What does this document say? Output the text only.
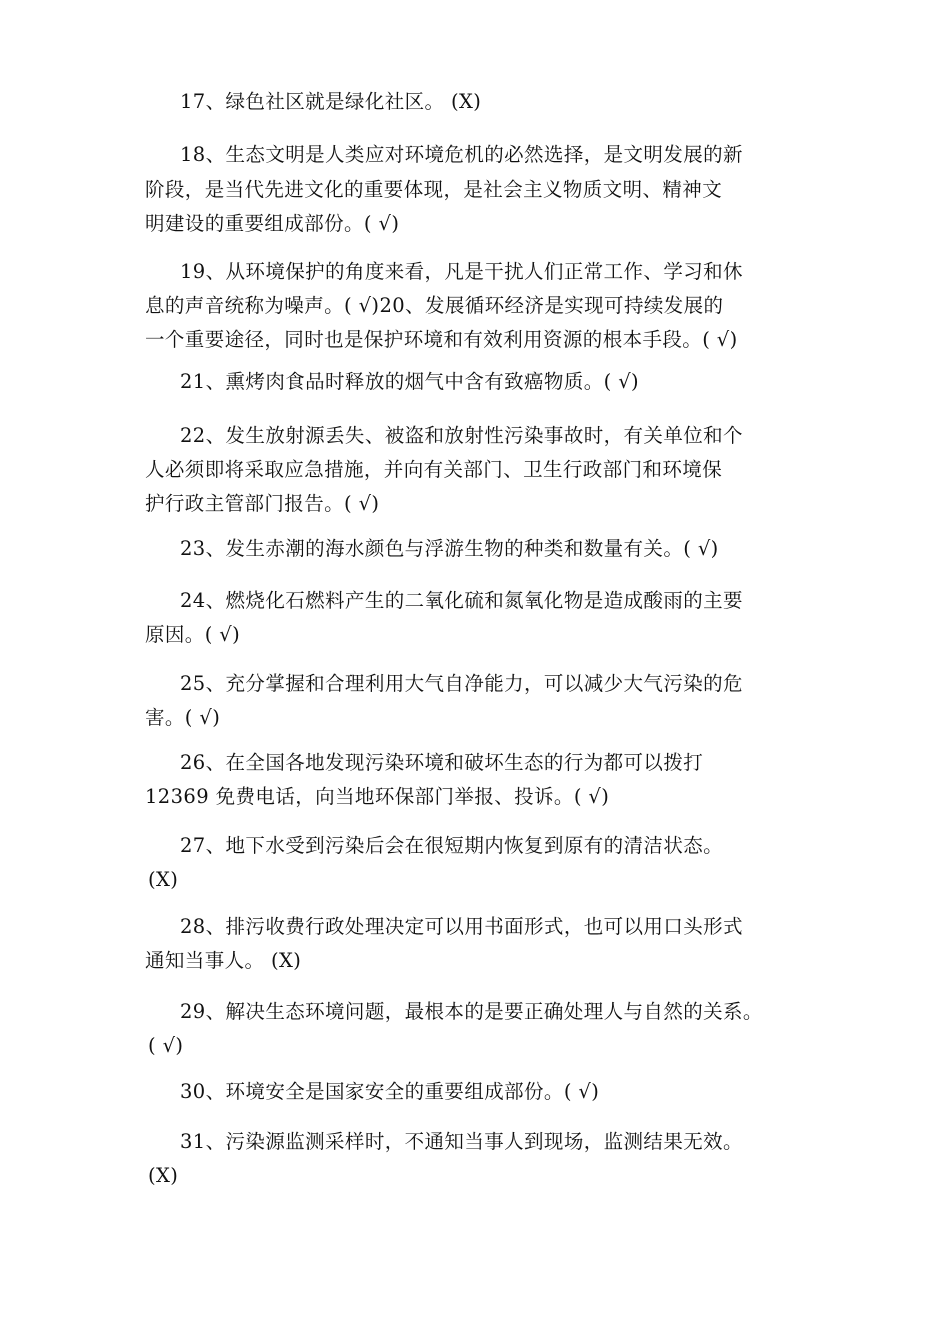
17、绿色社区就是绿化社区。 (X)
18、生态文明是人类应对环境危机的必然选择，是文明发展的新
阶段，是当代先进文化的重要体现，是社会主义物质文明、精神文
明建设的重要组成部份。( √)
19、从环境保护的角度来看，凡是干扰人们正常工作、学习和休
息的声音统称为噪声。( √)20、发展循环经济是实现可持续发展的
一个重要途径，同时也是保护环境和有效利用资源的根本手段。( √)
21、熏烤肉食品时释放的烟气中含有致癌物质。( √)
22、发生放射源丢失、被盗和放射性污染事故时，有关单位和个
人必须即将采取应急措施，并向有关部门、卫生行政部门和环境保
护行政主管部门报告。( √)
23、发生赤潮的海水颜色与浮游生物的种类和数量有关。( √)
24、燃烧化石燃料产生的二氧化硫和氮氧化物是造成酸雨的主要
原因。( √)
25、充分掌握和合理利用大气自净能力，可以减少大气污染的危
害。( √)
26、在全国各地发现污染环境和破坏生态的行为都可以拨打
12369 免费电话，向当地环保部门举报、投诉。( √)
27、地下水受到污染后会在很短期内恢复到原有的清洁状态。
(X)
28、排污收费行政处理决定可以用书面形式，也可以用口头形式
通知当事人。 (X)
29、解决生态环境问题，最根本的是要正确处理人与自然的关系。
( √)
30、环境安全是国家安全的重要组成部份。( √)
31、污染源监测采样时，不通知当事人到现场，监测结果无效。
(X)
